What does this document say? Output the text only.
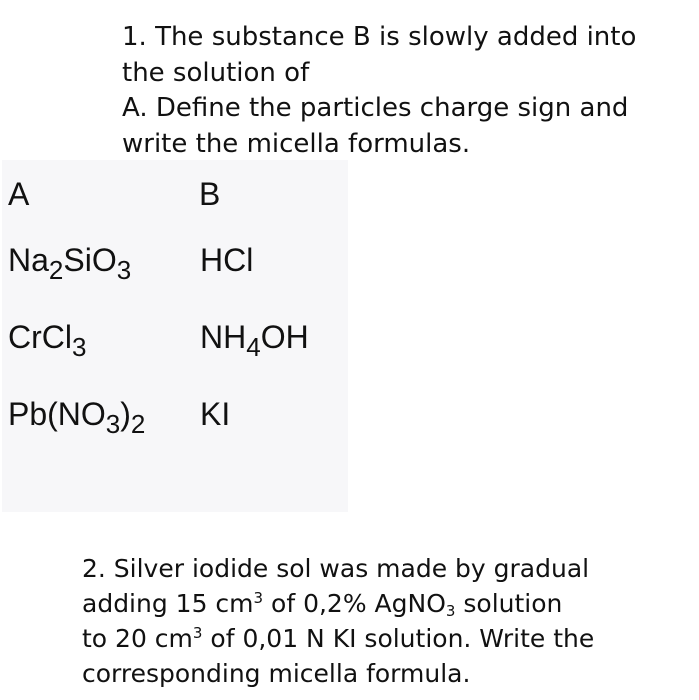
1. The substance B is slowly added into

the solution of

A. Define the particles charge sign and

write the micella formulas.

A	B
$Na_2SiO_3$ HCl
CrCl$_3$	$NH_4OH$
$Pb(NO_3)_2$ KI

2. Silver iodide sol was made by gradual

adding 15 $cm^3$ of 0,2% AgNO$_3$ solution

to 20 $cm^3$ of 0,01 N KI solution. Write the

corresponding micella formula.
